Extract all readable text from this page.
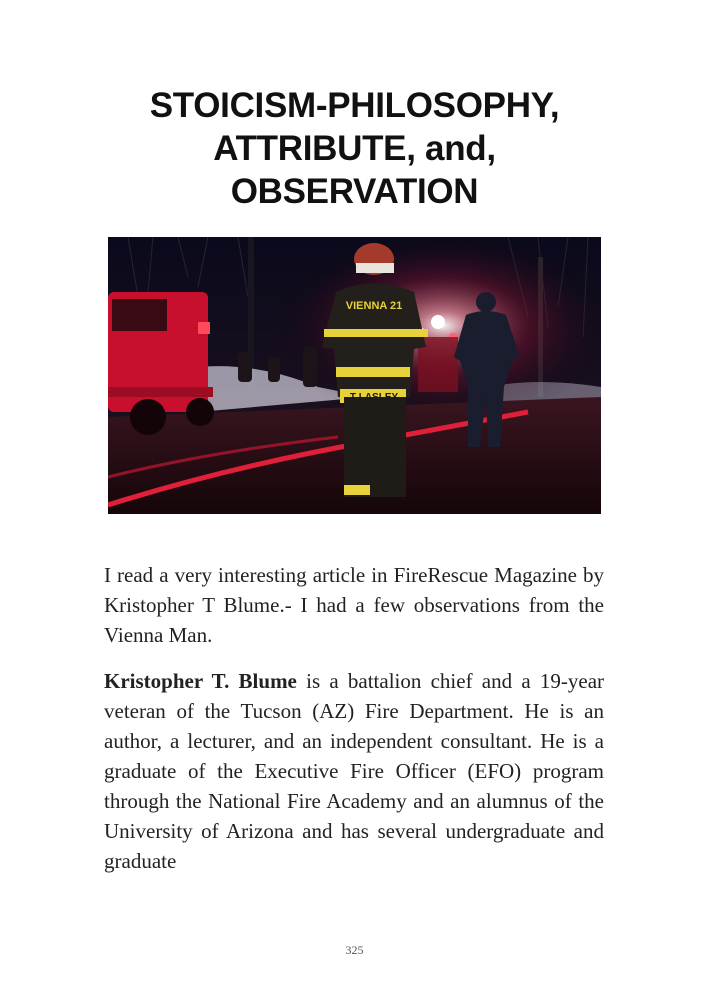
STOICISM-PHILOSOPHY,
ATTRIBUTE, and,
OBSERVATION
VIENNA 21
T LASLEY

I read a very interesting article in FireRescue Magazine by Kristopher T Blume.- I had a few observations from the Vienna Man.

Kristopher T. Blume is a battalion chief and a 19-year veteran of the Tucson (AZ) Fire Department. He is an author, a lecturer, and an independent consultant. He is a graduate of the Executive Fire Officer (EFO) program through the National Fire Academy and an alumnus of the University of Arizona and has several undergraduate and graduate

325
